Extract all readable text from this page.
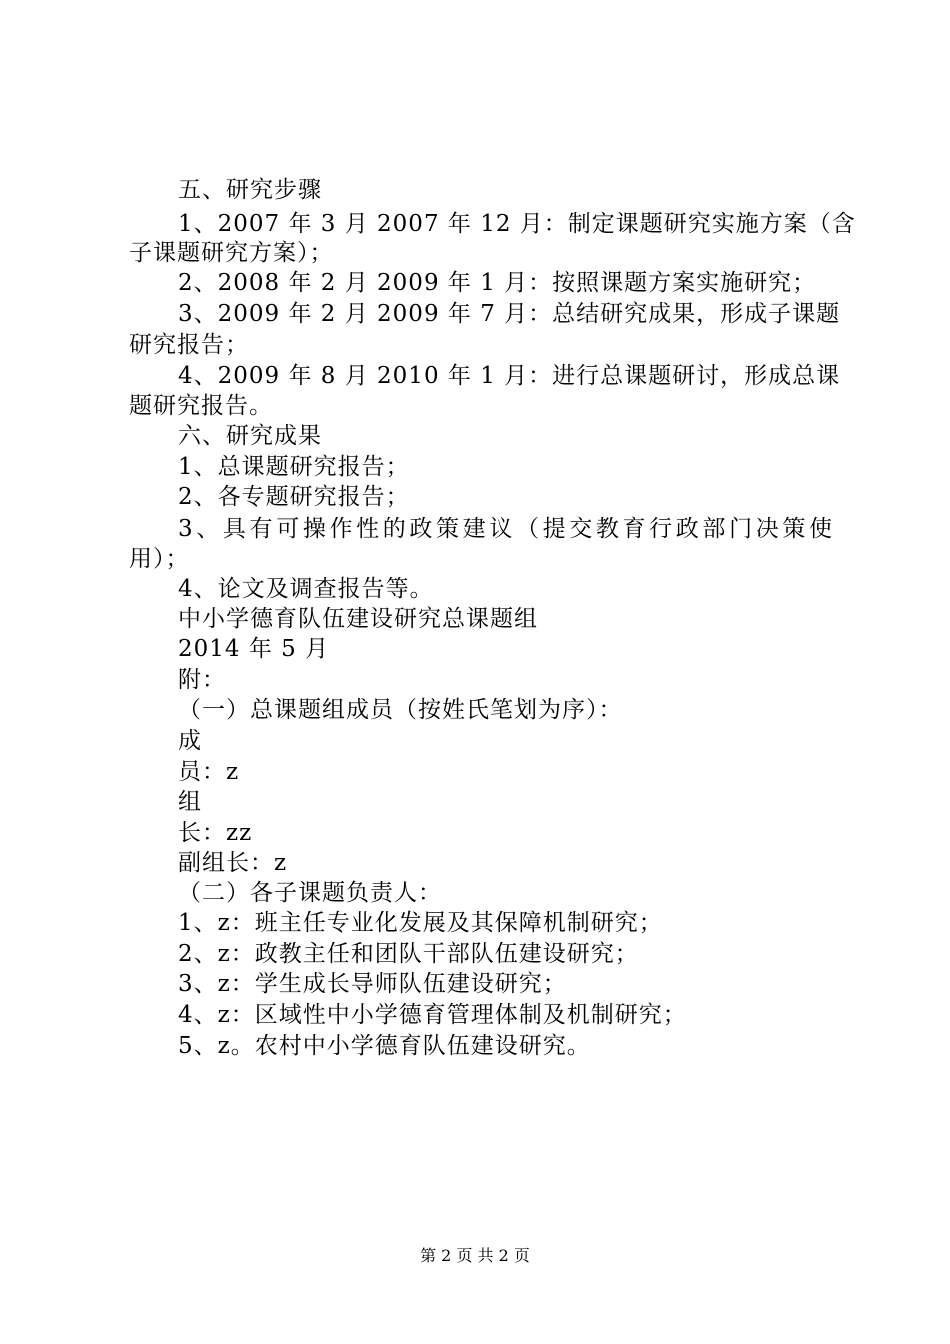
五、研究步骤
1、2007 年 3 月 2007 年 12 月：制定课题研究实施方案（含
子课题研究方案）；
2、2008 年 2 月 2009 年 1 月：按照课题方案实施研究；
3、2009 年 2 月 2009 年 7 月：总结研究成果，形成子课题
研究报告；
4、2009 年 8 月 2010 年 1 月：进行总课题研讨，形成总课
题研究报告。
六、研究成果
1、总课题研究报告；
2、各专题研究报告；
3、具有可操作性的政策建议（提交教育行政部门决策使
用）；
4、论文及调查报告等。
中小学德育队伍建设研究总课题组
2014 年 5 月
附：
（一）总课题组成员（按姓氏笔划为序）：
成
员：z
组
长：zz
副组长：z
（二）各子课题负责人：
1、z：班主任专业化发展及其保障机制研究；
2、z：政教主任和团队干部队伍建设研究；
3、z：学生成长导师队伍建设研究；
4、z：区域性中小学德育管理体制及机制研究；
5、z。农村中小学德育队伍建设研究。
第 2 页 共 2 页
